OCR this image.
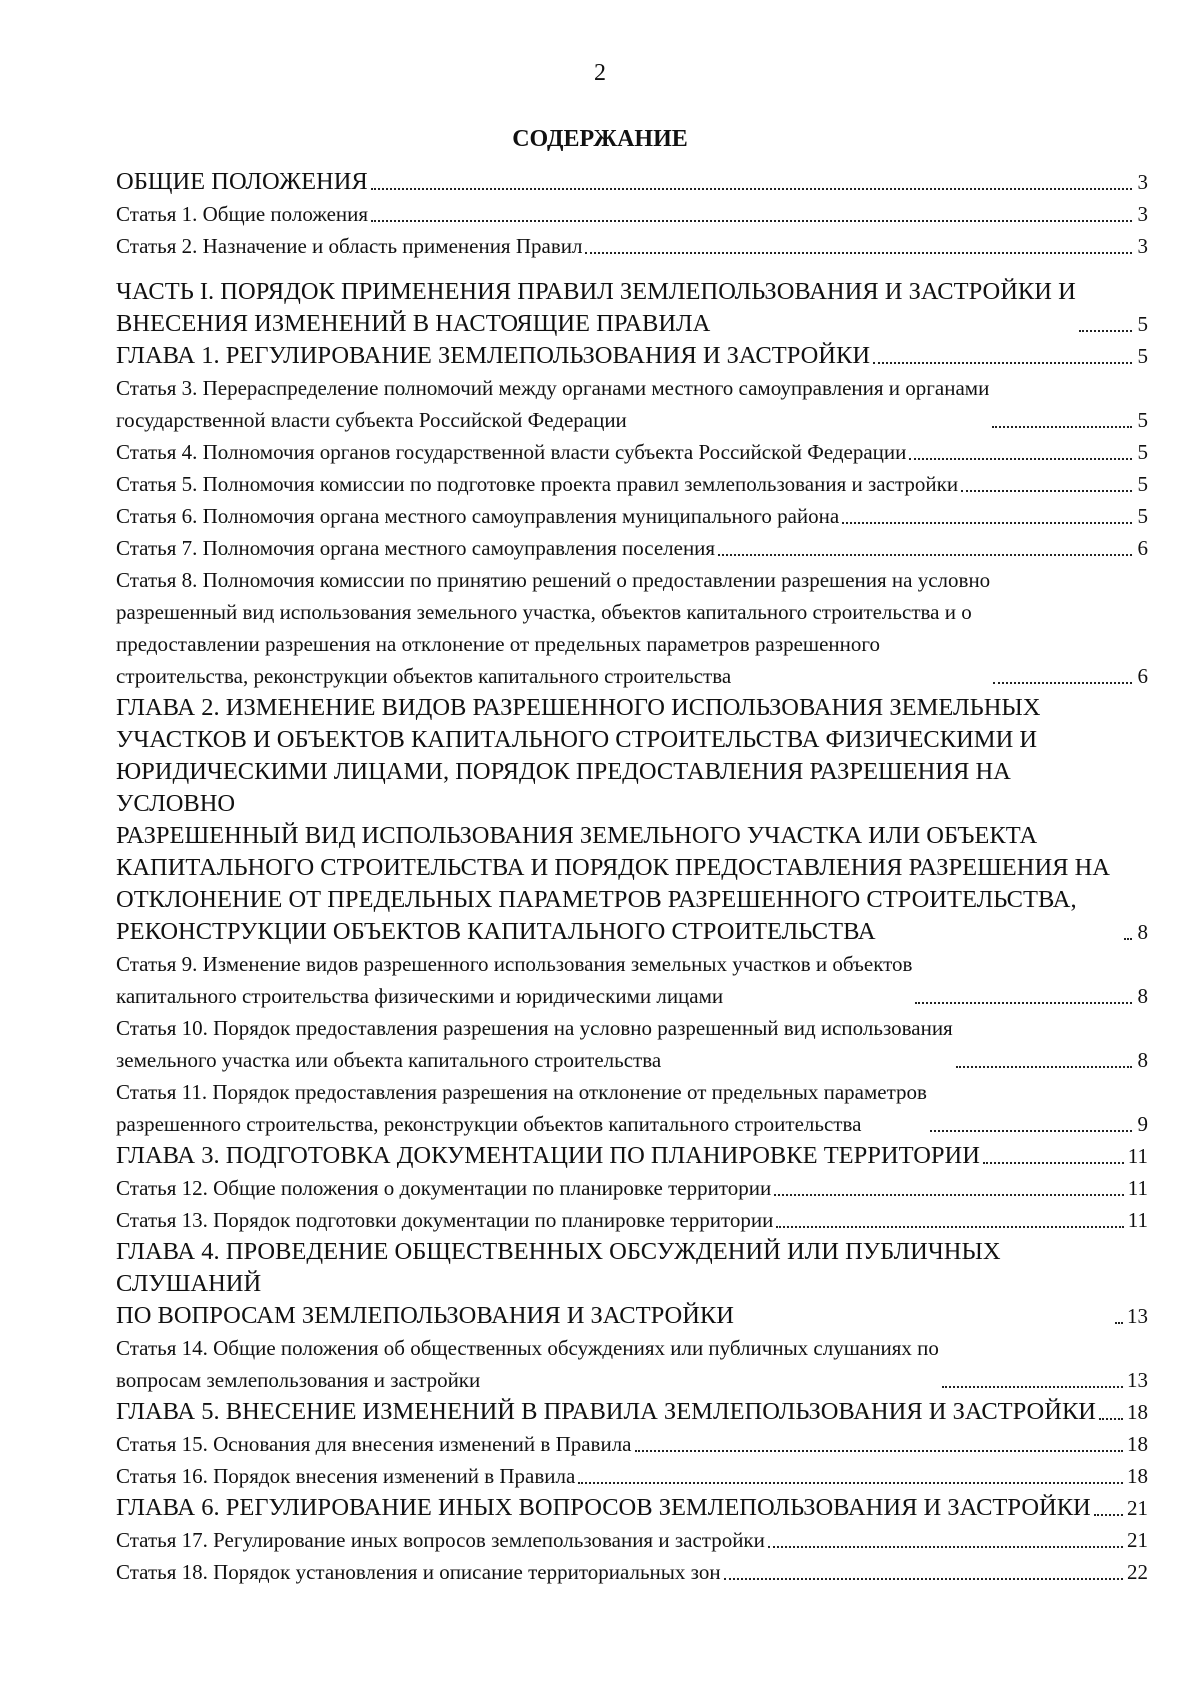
2
СОДЕРЖАНИЕ
ОБЩИЕ ПОЛОЖЕНИЯ	3
Статья 1. Общие положения	3
Статья 2. Назначение и область применения Правил	3
ЧАСТЬ I. ПОРЯДОК ПРИМЕНЕНИЯ ПРАВИЛ ЗЕМЛЕПОЛЬЗОВАНИЯ И ЗАСТРОЙКИ И
ВНЕСЕНИЯ ИЗМЕНЕНИЙ В НАСТОЯЩИЕ ПРАВИЛА	5
ГЛАВА 1. РЕГУЛИРОВАНИЕ ЗЕМЛЕПОЛЬЗОВАНИЯ И ЗАСТРОЙКИ	5
Статья 3. Перераспределение полномочий между органами местного самоуправления и органами
государственной власти субъекта Российской Федерации	5
Статья 4. Полномочия органов государственной власти субъекта Российской Федерации	5
Статья 5. Полномочия комиссии по подготовке проекта правил землепользования и застройки	5
Статья 6. Полномочия органа местного самоуправления муниципального района	5
Статья 7. Полномочия органа местного самоуправления поселения	6
Статья 8. Полномочия комиссии по принятию решений о предоставлении разрешения на условно
разрешенный вид использования земельного участка, объектов капитального строительства и о
предоставлении разрешения на отклонение от предельных параметров разрешенного
строительства, реконструкции объектов капитального строительства	6
ГЛАВА 2. ИЗМЕНЕНИЕ ВИДОВ РАЗРЕШЕННОГО ИСПОЛЬЗОВАНИЯ ЗЕМЕЛЬНЫХ
УЧАСТКОВ И ОБЪЕКТОВ КАПИТАЛЬНОГО СТРОИТЕЛЬСТВА ФИЗИЧЕСКИМИ И
ЮРИДИЧЕСКИМИ ЛИЦАМИ, ПОРЯДОК ПРЕДОСТАВЛЕНИЯ РАЗРЕШЕНИЯ НА УСЛОВНО
РАЗРЕШЕННЫЙ ВИД ИСПОЛЬЗОВАНИЯ ЗЕМЕЛЬНОГО УЧАСТКА ИЛИ ОБЪЕКТА
КАПИТАЛЬНОГО СТРОИТЕЛЬСТВА И ПОРЯДОК ПРЕДОСТАВЛЕНИЯ РАЗРЕШЕНИЯ НА
ОТКЛОНЕНИЕ ОТ ПРЕДЕЛЬНЫХ ПАРАМЕТРОВ РАЗРЕШЕННОГО СТРОИТЕЛЬСТВА,
РЕКОНСТРУКЦИИ ОБЪЕКТОВ КАПИТАЛЬНОГО СТРОИТЕЛЬСТВА	8
Статья 9. Изменение видов разрешенного использования земельных участков и объектов
капитального строительства физическими и юридическими лицами	8
Статья 10. Порядок предоставления разрешения на условно разрешенный вид использования
земельного участка или объекта капитального строительства	8
Статья 11. Порядок предоставления разрешения на отклонение от предельных параметров
разрешенного строительства, реконструкции объектов капитального строительства	9
ГЛАВА 3. ПОДГОТОВКА ДОКУМЕНТАЦИИ ПО ПЛАНИРОВКЕ ТЕРРИТОРИИ	11
Статья 12. Общие положения о документации по планировке территории	11
Статья 13. Порядок подготовки документации по планировке территории	11
ГЛАВА 4. ПРОВЕДЕНИЕ ОБЩЕСТВЕННЫХ ОБСУЖДЕНИЙ ИЛИ ПУБЛИЧНЫХ СЛУШАНИЙ
ПО ВОПРОСАМ ЗЕМЛЕПОЛЬЗОВАНИЯ И ЗАСТРОЙКИ	13
Статья 14. Общие положения об общественных обсуждениях или публичных слушаниях по
вопросам землепользования и застройки	13
ГЛАВА 5. ВНЕСЕНИЕ ИЗМЕНЕНИЙ В ПРАВИЛА ЗЕМЛЕПОЛЬЗОВАНИЯ И ЗАСТРОЙКИ 18
Статья 15. Основания для внесения изменений в Правила	18
Статья 16. Порядок внесения изменений в Правила	18
ГЛАВА 6. РЕГУЛИРОВАНИЕ ИНЫХ ВОПРОСОВ ЗЕМЛЕПОЛЬЗОВАНИЯ И ЗАСТРОЙКИ 21
Статья 17. Регулирование иных вопросов землепользования и застройки	21
Статья 18. Порядок установления и описание территориальных зон	22
